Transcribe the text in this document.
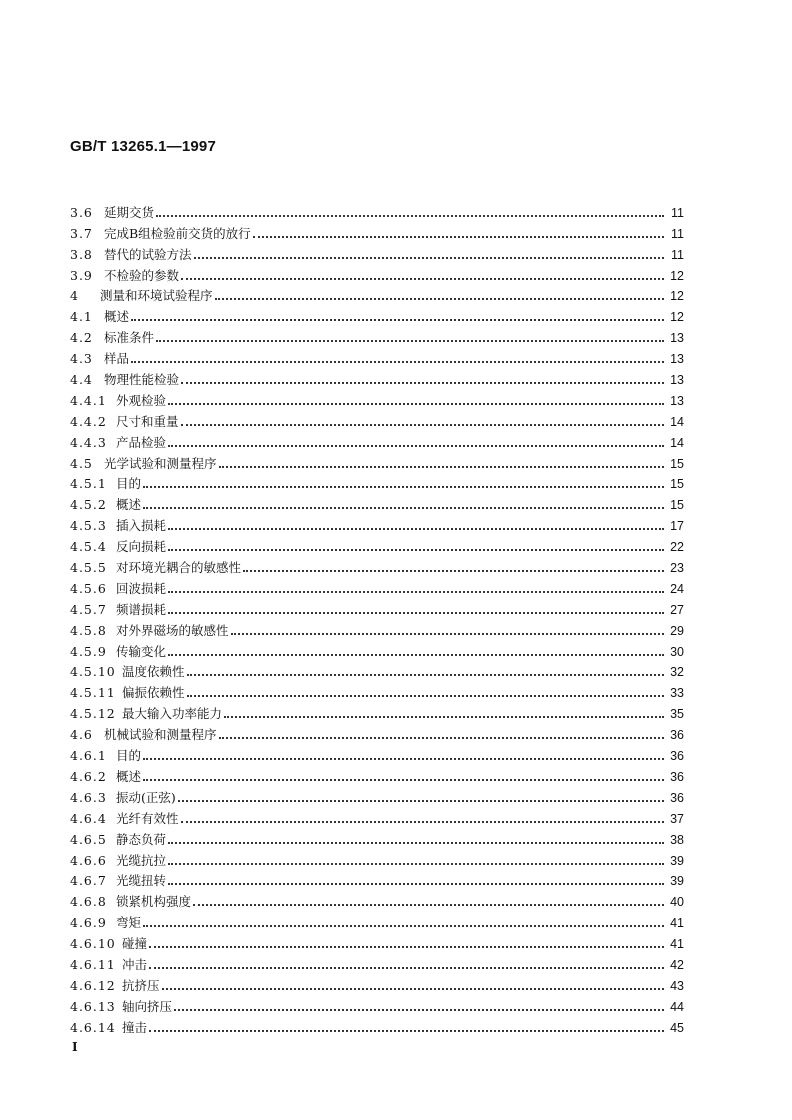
GB/T 13265.1—1997
3.6 延期交货	11
3.7 完成B组检验前交货的放行	11
3.8 替代的试验方法	11
3.9 不检验的参数	12
4	测量和环境试验程序	12
4.1 概述	12
4.2 标准条件	13
4.3 样品	13
4.4 物理性能检验	13
4.4.1 外观检验	13
4.4.2 尺寸和重量	14
4.4.3 产品检验	14
4.5 光学试验和测量程序	15
4.5.1 目的	15
4.5.2 概述	15
4.5.3 插入损耗	17
4.5.4 反向损耗	22
4.5.5 对环境光耦合的敏感性	23
4.5.6 回波损耗	24
4.5.7 频谱损耗	27
4.5.8 对外界磁场的敏感性	29
4.5.9 传输变化	30
4.5.10 温度依赖性	32
4.5.11 偏振依赖性	33
4.5.12 最大输入功率能力	35
4.6 机械试验和测量程序	36
4.6.1 目的	36
4.6.2 概述	36
4.6.3 振动(正弦)	36
4.6.4 光纤有效性	37
4.6.5 静态负荷	38
4.6.6 光缆抗拉	39
4.6.7 光缆扭转	39
4.6.8 锁紧机构强度	40
4.6.9 弯矩	41
4.6.10 碰撞	41
4.6.11 冲击	42
4.6.12 抗挤压	43
4.6.13 轴向挤压	44
4.6.14 撞击	45
I
